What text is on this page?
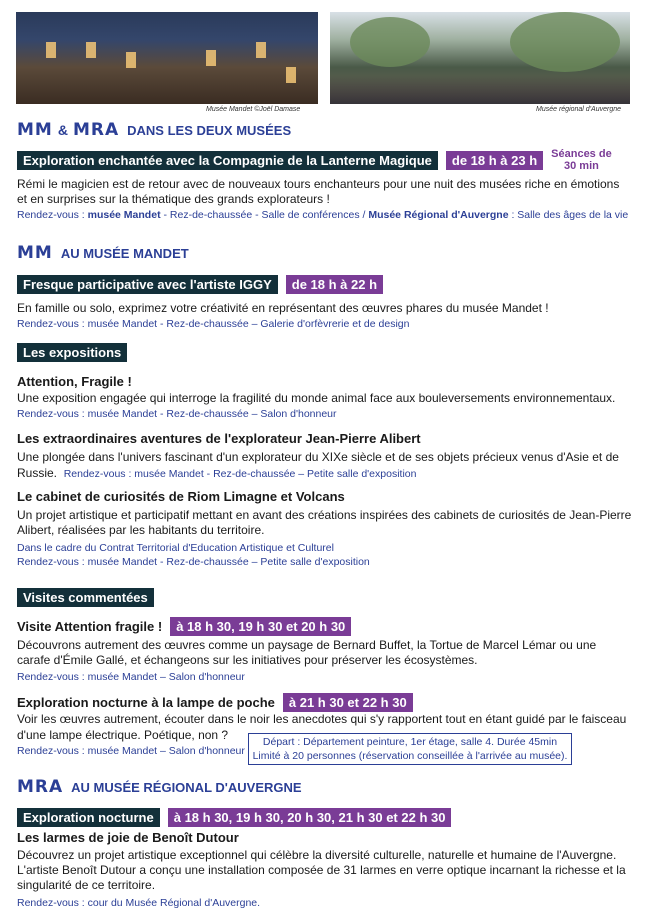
Musée Mandet ©Joël Damase	Musée régional d'Auvergne
MM & MRA DANS LES DEUX MUSÉES
Exploration enchantée avec la Compagnie de la Lanterne Magique	de 18 h à 23 h	Séances de
30 min
Rémi le magicien est de retour avec de nouveaux tours enchanteurs pour une nuit des musées riche en émotions et en surprises sur la thématique des grands explorateurs !
Rendez-vous : musée Mandet - Rez-de-chaussée - Salle de conférences / Musée Régional d'Auvergne : Salle des âges de la vie
MM AU MUSÉE MANDET
Fresque participative avec l'artiste IGGY	de 18 h à 22 h
En famille ou solo, exprimez votre créativité en représentant des œuvres phares du musée Mandet !
Rendez-vous : musée Mandet - Rez-de-chaussée – Galerie d'orfèvrerie et de design
Les expositions
Attention, Fragile !
Une exposition engagée qui interroge la fragilité du monde animal face aux bouleversements environnementaux.
Rendez-vous : musée Mandet - Rez-de-chaussée – Salon d'honneur
Les extraordinaires aventures de l'explorateur Jean-Pierre Alibert
Une plongée dans l'univers fascinant d'un explorateur du XIXe siècle et de ses objets précieux venus d'Asie et de
Russie. Rendez-vous : musée Mandet - Rez-de-chaussée – Petite salle d'exposition
Le cabinet de curiosités de Riom Limagne et Volcans
Un projet artistique et participatif mettant en avant des créations inspirées des cabinets de curiosités de Jean-Pierre Alibert, réalisées par les habitants du territoire.
Dans le cadre du Contrat Territorial d'Education Artistique et Culturel
Rendez-vous : musée Mandet - Rez-de-chaussée – Petite salle d'exposition
Visites commentées
Visite Attention fragile !	à 18 h 30, 19 h 30 et 20 h 30
Découvrons autrement des œuvres comme un paysage de Bernard Buffet, la Tortue de Marcel Lémar ou une carafe d'Émile Gallé, et échangeons sur les initiatives pour préserver les écosystèmes.
Rendez-vous : musée Mandet – Salon d'honneur
Exploration nocturne à la lampe de poche	à 21 h 30 et 22 h 30
Voir les œuvres autrement, écouter dans le noir les anecdotes qui s'y rapportent tout en étant guidé par le faisceau
d'une lampe électrique. Poétique, non ?
Rendez-vous : musée Mandet – Salon d'honneur
Départ : Département peinture, 1er étage, salle 4. Durée 45min
Limité à 20 personnes (réservation conseillée à l'arrivée au musée).
MRA AU MUSÉE RÉGIONAL D'AUVERGNE
Exploration nocturne	à 18 h 30, 19 h 30, 20 h 30, 21 h 30 et 22 h 30
Les larmes de joie de Benoît Dutour
Découvrez un projet artistique exceptionnel qui célèbre la diversité culturelle, naturelle et humaine de l'Auvergne. L'artiste Benoît Dutour a conçu une installation composée de 31 larmes en verre optique incarnant la richesse et la singularité de ce territoire.
Rendez-vous : cour du Musée Régional d'Auvergne.
